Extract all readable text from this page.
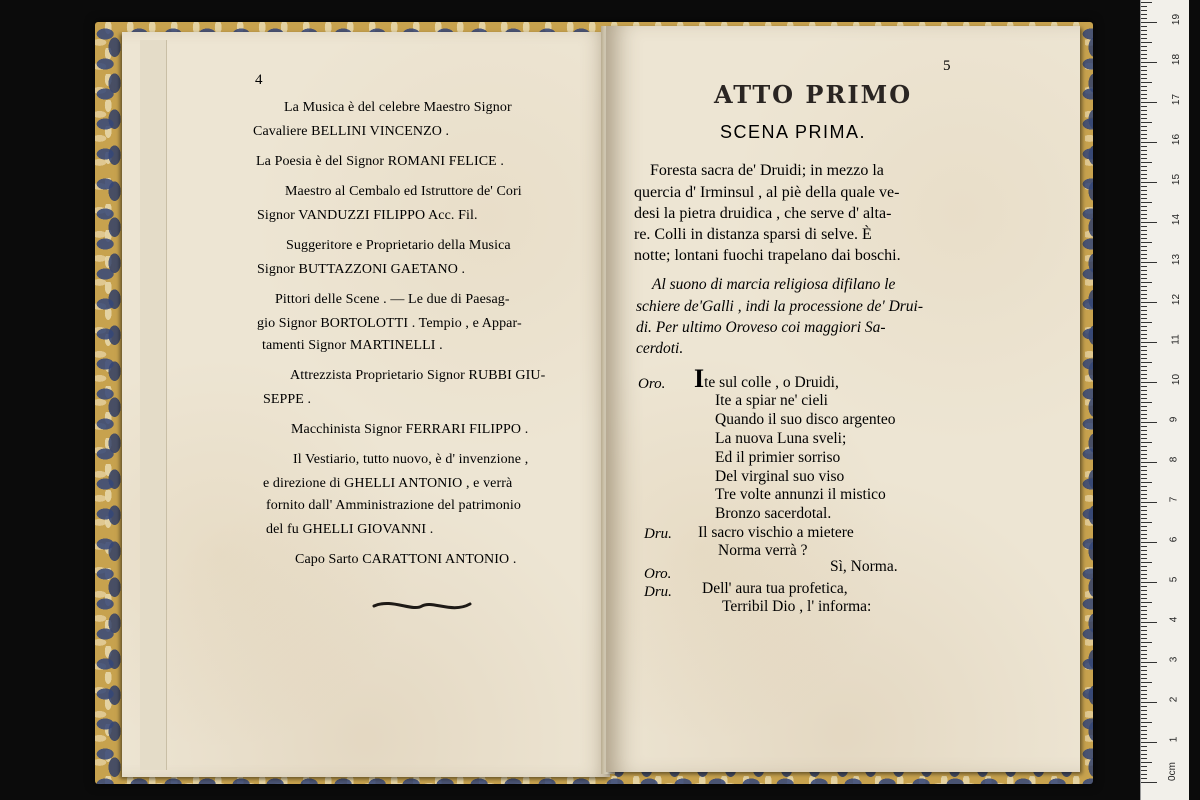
4
La Musica è del celebre Maestro Signor
Cavaliere BELLINI VINCENZO .
La Poesia è del Signor ROMANI FELICE .
Maestro al Cembalo ed Istruttore de' Cori
Signor VANDUZZI FILIPPO Acc. Fil.
Suggeritore e Proprietario della Musica
Signor BUTTAZZONI GAETANO .
Pittori delle Scene . — Le due di Paesag-
gio Signor BORTOLOTTI . Tempio , e Appar-
tamenti Signor MARTINELLI .
Attrezzista Proprietario Signor RUBBI GIU-
SEPPE .
Macchinista Signor FERRARI FILIPPO .
Il Vestiario, tutto nuovo, è d' invenzione ,
e direzione di GHELLI ANTONIO , e verrà
fornito dall' Amministrazione del patrimonio
del fu GHELLI GIOVANNI .
Capo Sarto CARATTONI ANTONIO .
5
ATTO PRIMO
SCENA PRIMA.
Foresta sacra de' Druidi; in mezzo la
quercia d' Irminsul , al piè della quale ve-
desi la pietra druidica , che serve d' alta-
re. Colli in distanza sparsi di selve. È
notte; lontani fuochi trapelano dai boschi.
Al suono di marcia religiosa difilano le
schiere de'Galli , indi la processione de' Drui-
di. Per ultimo Oroveso coi maggiori Sa-
cerdoti.
Oro. Ite sul colle , o Druidi,
Ite a spiar ne' cieli
Quando il suo disco argenteo
La nuova Luna sveli;
Ed il primier sorriso
Del virginal suo viso
Tre volte annunzi il mistico
Bronzo sacerdotal.
Dru. Il sacro vischio a mietere
Norma verrà ?
Oro.	Sì, Norma.
Dru. Dell' aura tua profetica,
Terribil Dio , l' informa:
0cm
1
2
3
4
5
6
7
8
9
10
11
12
13
14
15
16
17
18
19
